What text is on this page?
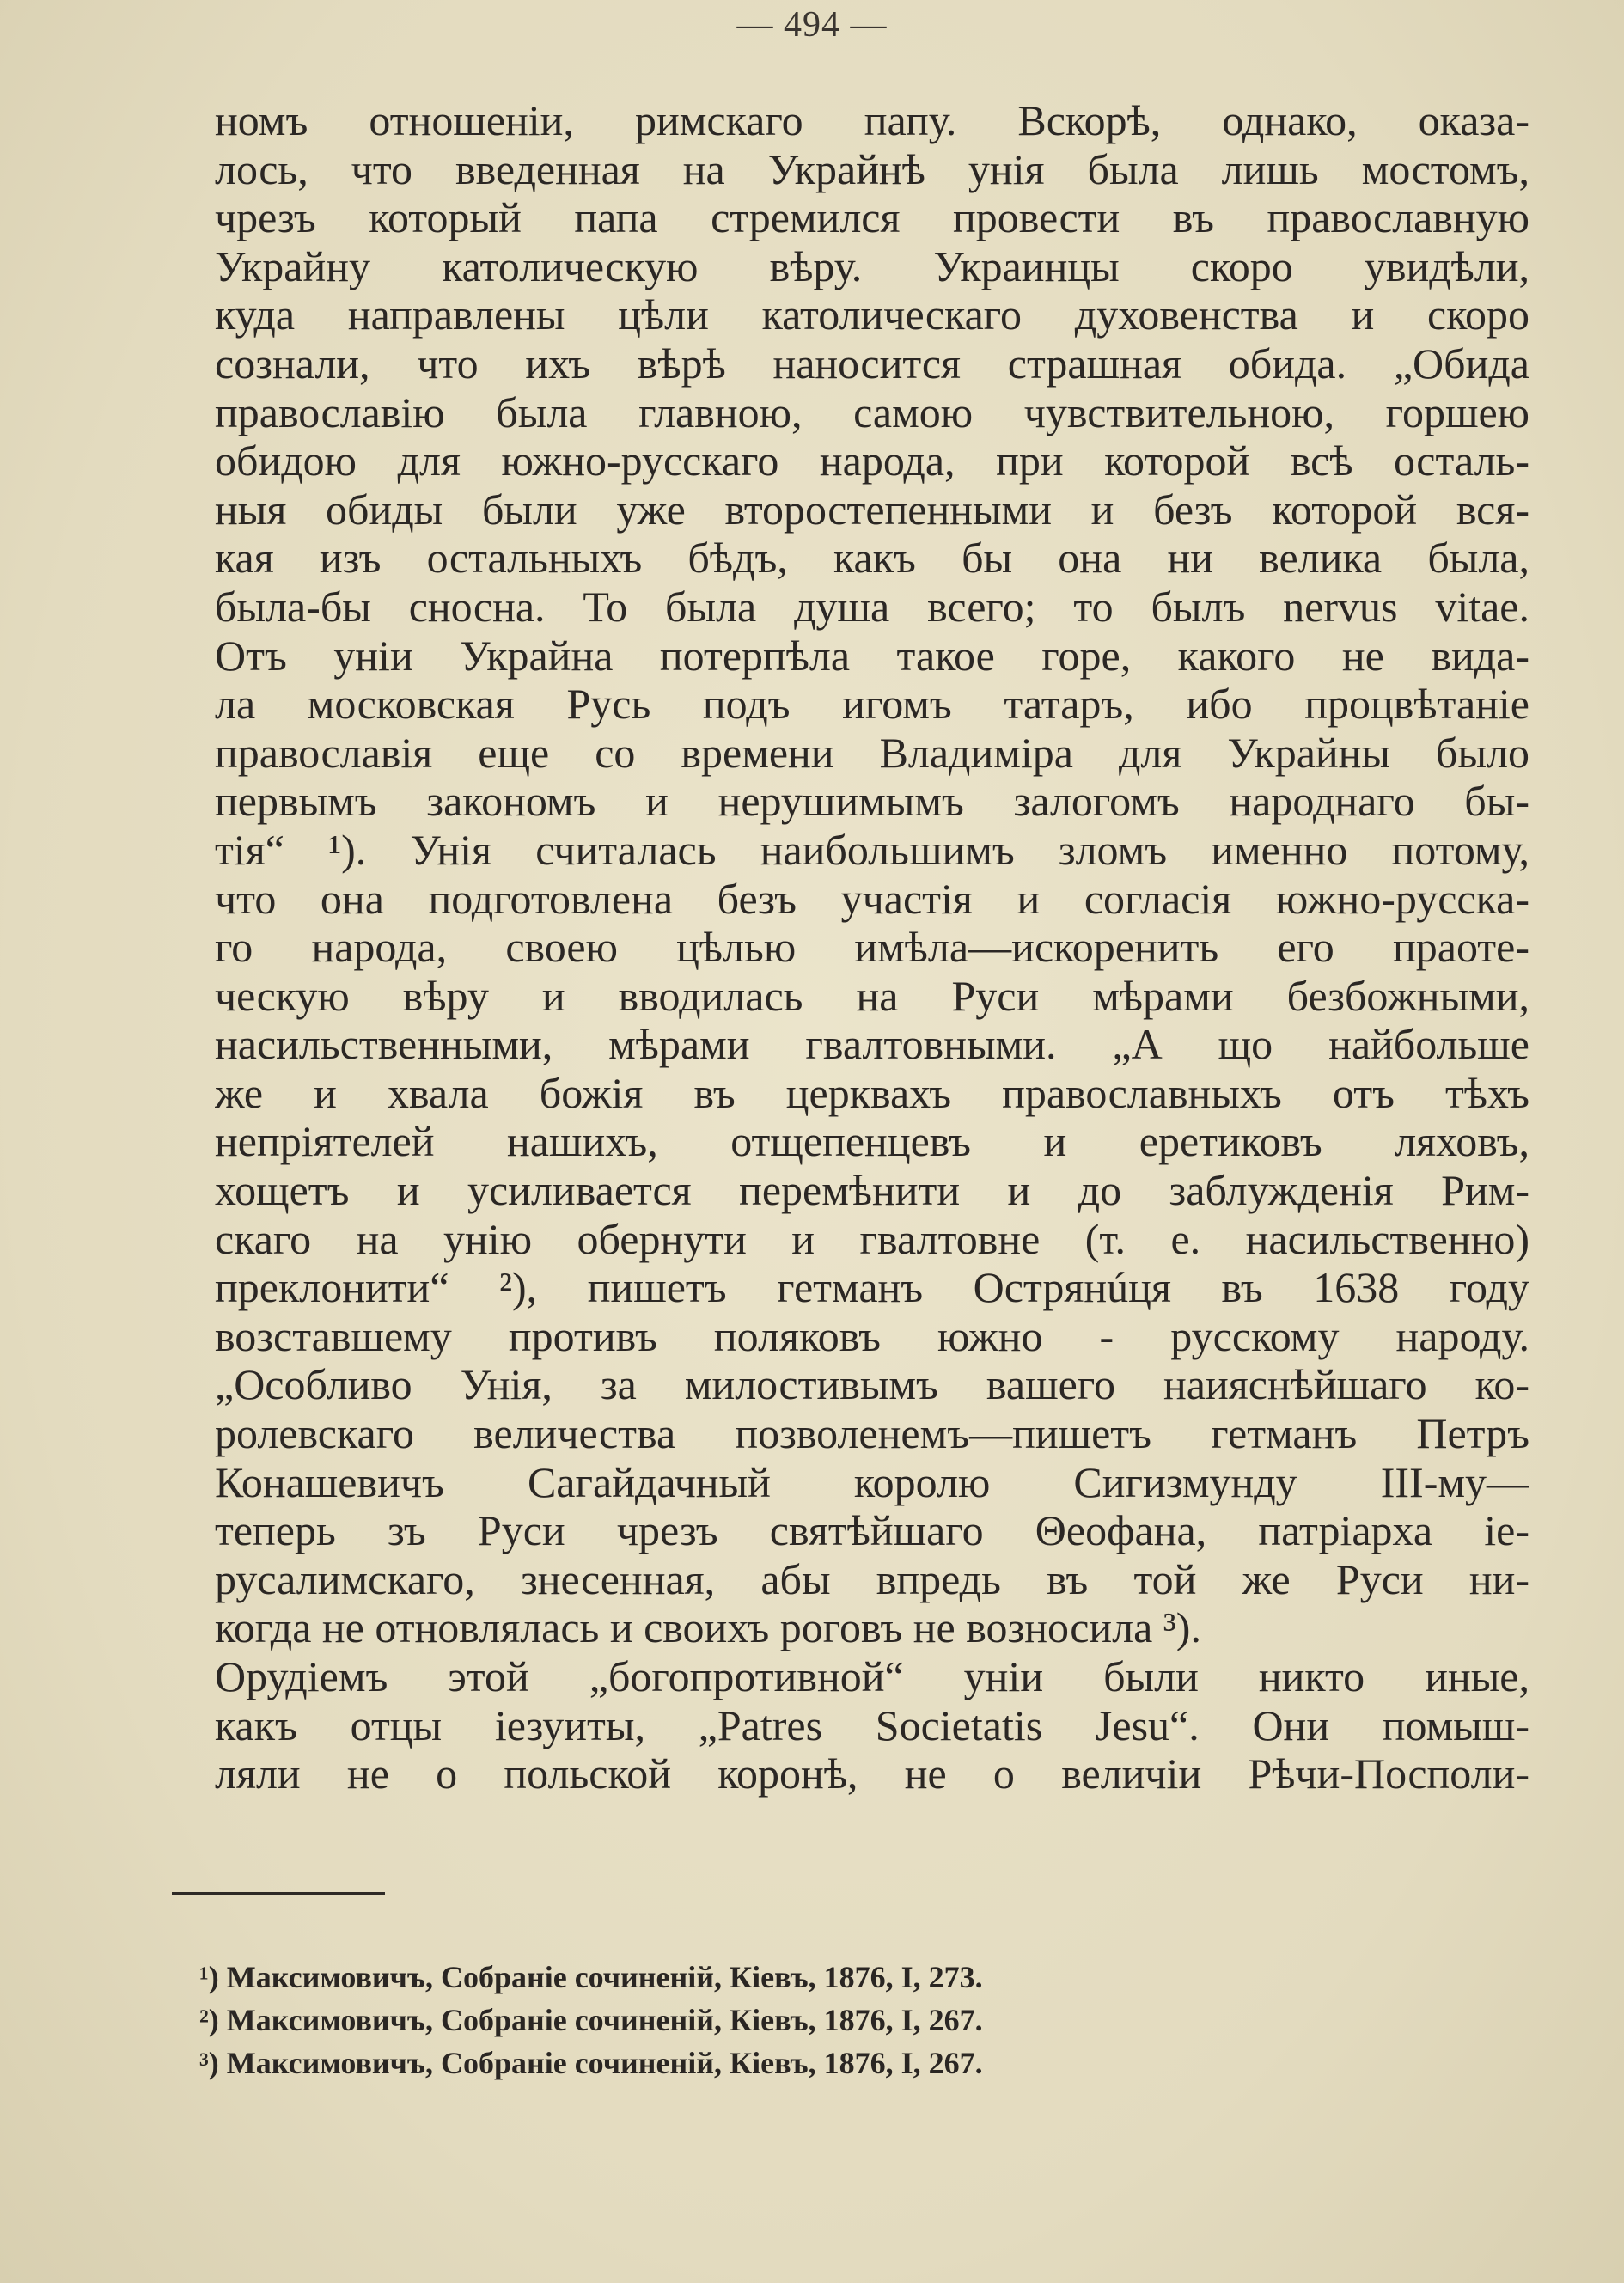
— 494 —
номъ отношеніи, римскаго папу. Вскорѣ, однако, оказа-
лось, что введенная на Украйнѣ унія была лишь мостомъ,
чрезъ который папа стремился провести въ православную
Украйну католическую вѣру. Украинцы скоро увидѣли,
куда направлены цѣли католическаго духовенства и скоро
сознали, что ихъ вѣрѣ наносится страшная обида. „Обида
православію была главною, самою чувствительною, горшею
обидою для южно-русскаго народа, при которой всѣ осталь-
ныя обиды были уже второстепенными и безъ которой вся-
кая изъ остальныхъ бѣдъ, какъ бы она ни велика была,
была-бы сносна. То была душа всего; то былъ nervus vitae.
Отъ уніи Украйна потерпѣла такое горе, какого не вида-
ла московская Русь подъ игомъ татаръ, ибо процвѣтаніе
православія еще со времени Владиміра для Украйны было
первымъ закономъ и нерушимымъ залогомъ народнаго бы-
тія“ ¹). Унія считалась наибольшимъ зломъ именно потому,
что она подготовлена безъ участія и согласія южно-русска-
го народа, своею цѣлью имѣла—искоренить его праоте-
ческую вѣру и вводилась на Руси мѣрами безбожными,
насильственными, мѣрами гвалтовными. „А що найбольше
же и хвала божія въ церквахъ православныхъ отъ тѣхъ
непріятелей нашихъ, отщепенцевъ и еретиковъ ляховъ,
хощетъ и усиливается перемѣнити и до заблужденія Рим-
скаго на унію обернути и гвалтовне (т. е. насильственно)
преклонити“ ²), пишетъ гетманъ Острянúця въ 1638 году
возставшему противъ поляковъ южно - русскому народу.
„Особливо Унія, за милостивымъ вашего наияснѣйшаго ко-
ролевскаго величества позволенемъ—пишетъ гетманъ Петръ
Конашевичъ Сагайдачный королю Сигизмунду III-му—
теперь зъ Руси чрезъ святѣйшаго Θеофана, патріарха іе-
русалимскаго, знесенная, абы впредь въ той же Руси ни-
когда не отновлялась и своихъ роговъ не возносила ³).
Орудіемъ этой „богопротивной“ уніи были никто иные,
какъ отцы іезуиты, „Patres Societatis Jesu“. Они помыш-
ляли не о польской коронѣ, не о величіи Рѣчи-Посполи-
¹) Максимовичъ, Собраніе сочиненій, Кіевъ, 1876, I, 273.
²) Максимовичъ, Собраніе сочиненій, Кіевъ, 1876, I, 267.
³) Максимовичъ, Собраніе сочиненій, Кіевъ, 1876, I, 267.
